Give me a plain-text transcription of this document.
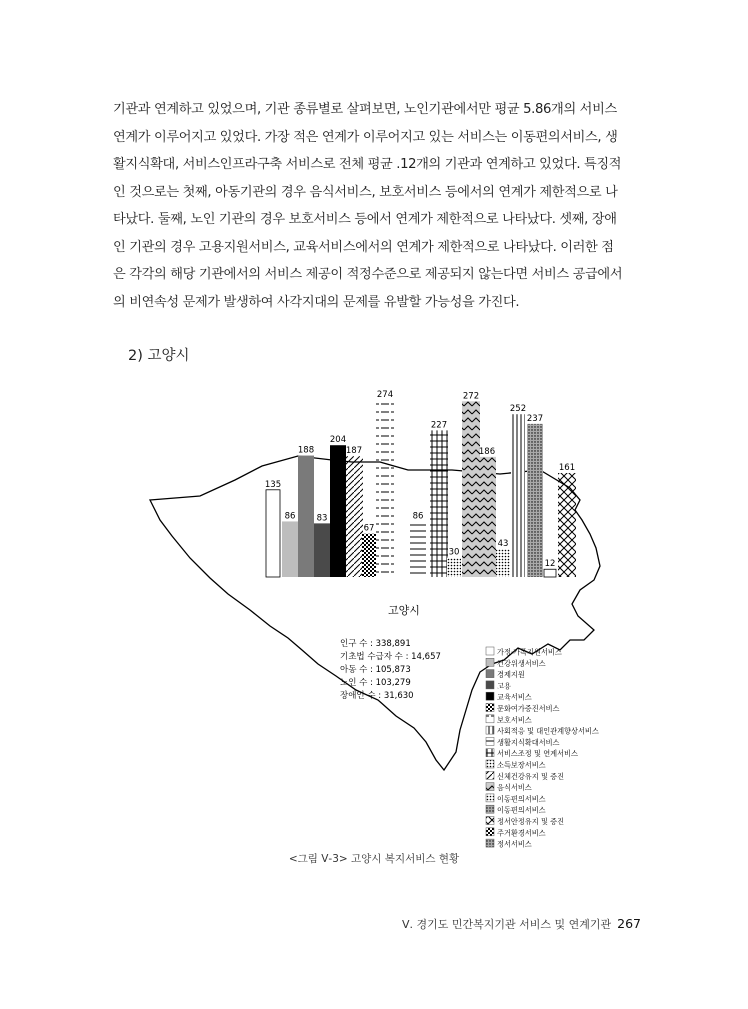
기관과 연계하고 있었으며, 기관 종류별로 살펴보면, 노인기관에서만 평균 5.86개의 서비스
연계가 이루어지고 있었다. 가장 적은 연계가 이루어지고 있는 서비스는 이동편의서비스, 생
활지식확대, 서비스인프라구축 서비스로 전체 평균 .12개의 기관과 연계하고 있었다. 특징적
인 것으로는 첫째, 아동기관의 경우 음식서비스, 보호서비스 등에서의 연계가 제한적으로 나
타났다. 둘째, 노인 기관의 경우 보호서비스 등에서 연계가 제한적으로 나타났다. 셋째, 장애
인 기관의 경우 고용지원서비스, 교육서비스에서의 연계가 제한적으로 나타났다. 이러한 점
은 각각의 해당 기관에서의 서비스 제공이 적정수준으로 제공되지 않는다면 서비스 공급에서
의 비연속성 문제가 발생하여 사각지대의 문제를 유발할 가능성을 가진다.
2) 고양시
고양시
인구 수 : 338,891
기초법 수급자 수 : 14,657
아동 수 : 105,873
노인 수 : 103,279
장애인 수 : 31,630
135
86
188
83
204
187
67
274
86
227
30
272
186
43
252
237
12
161
가정·가족지원서비스
건강위생서비스
경제지원
고용
교육서비스
문화여가증진서비스
보호서비스
사회적응 및 대인관계향상서비스
생활지식확대서비스
서비스조정 및 연계서비스
소득보장서비스
신체건강유지 및 증진
음식서비스
이동편의서비스
이동편의서비스
정서안정유지 및 증진
주거환경서비스
정서서비스
<그림 Ⅴ-3> 고양시 복지서비스 현황
Ⅴ. 경기도 민간복지기관 서비스 및 연계기관 267
